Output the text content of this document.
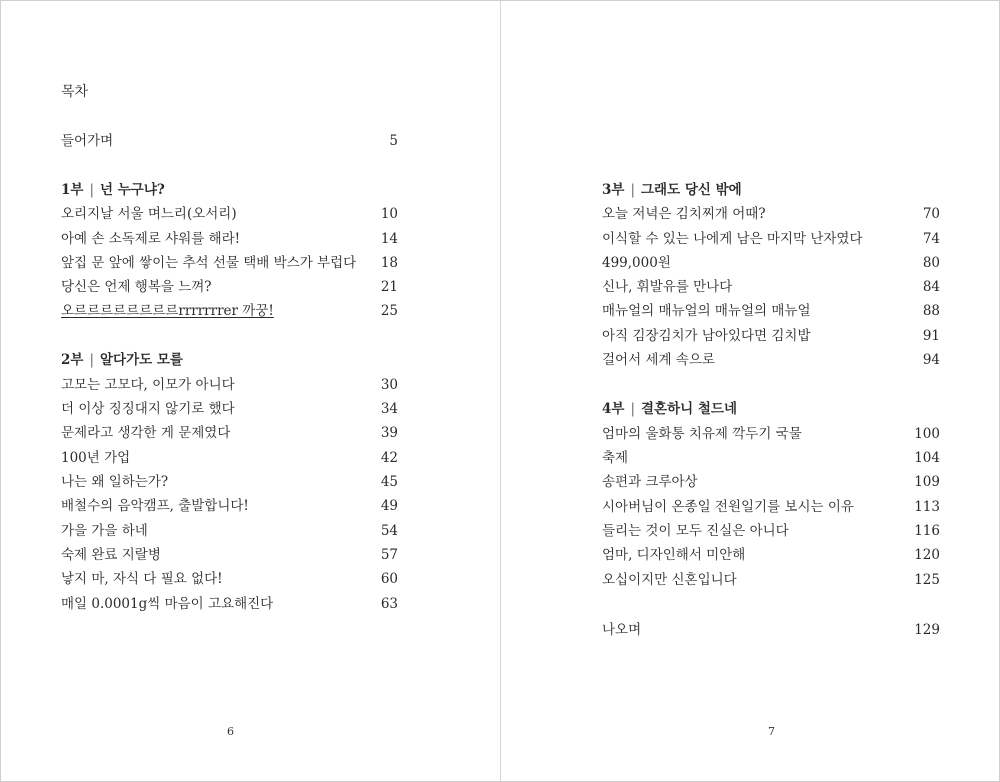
목차
들어가며	5
1부 | 넌 누구냐?
오리지날 서울 며느리(오서리)	10
아예 손 소독제로 샤워를 해라!	14
앞집 문 앞에 쌓이는 추석 선물 택배 박스가 부럽다 18
당신은 언제 행복을 느껴?	21
오르르르르르르르르rrrrrrrer 까꿍!	25
2부 | 알다가도 모를
고모는 고모다, 이모가 아니다	30
더 이상 징징대지 않기로 했다	34
문제라고 생각한 게 문제였다	39
100년 가업	42
나는 왜 일하는가?	45
배철수의 음악캠프, 출발합니다!	49
가을 가을 하네	54
숙제 완료 지랄병	57
낳지 마, 자식 다 필요 없다!	60
매일 0.0001g씩 마음이 고요해진다	63
6
3부 | 그래도 당신 밖에
오늘 저녁은 김치찌개 어때?	70
이식할 수 있는 나에게 남은 마지막 난자였다	74
499,000원	80
신나, 휘발유를 만나다	84
매뉴얼의 매뉴얼의 매뉴얼의 매뉴얼	88
아직 김장김치가 남아있다면 김치밥	91
걸어서 세계 속으로	94
4부 | 결혼하니 철드네
엄마의 울화통 치유제 깍두기 국물	100
축제	104
송편과 크루아상	109
시아버님이 온종일 전원일기를 보시는 이유	113
들리는 것이 모두 진실은 아니다	116
엄마, 디자인해서 미안해	120
오십이지만 신혼입니다	125
나오며	129
7
